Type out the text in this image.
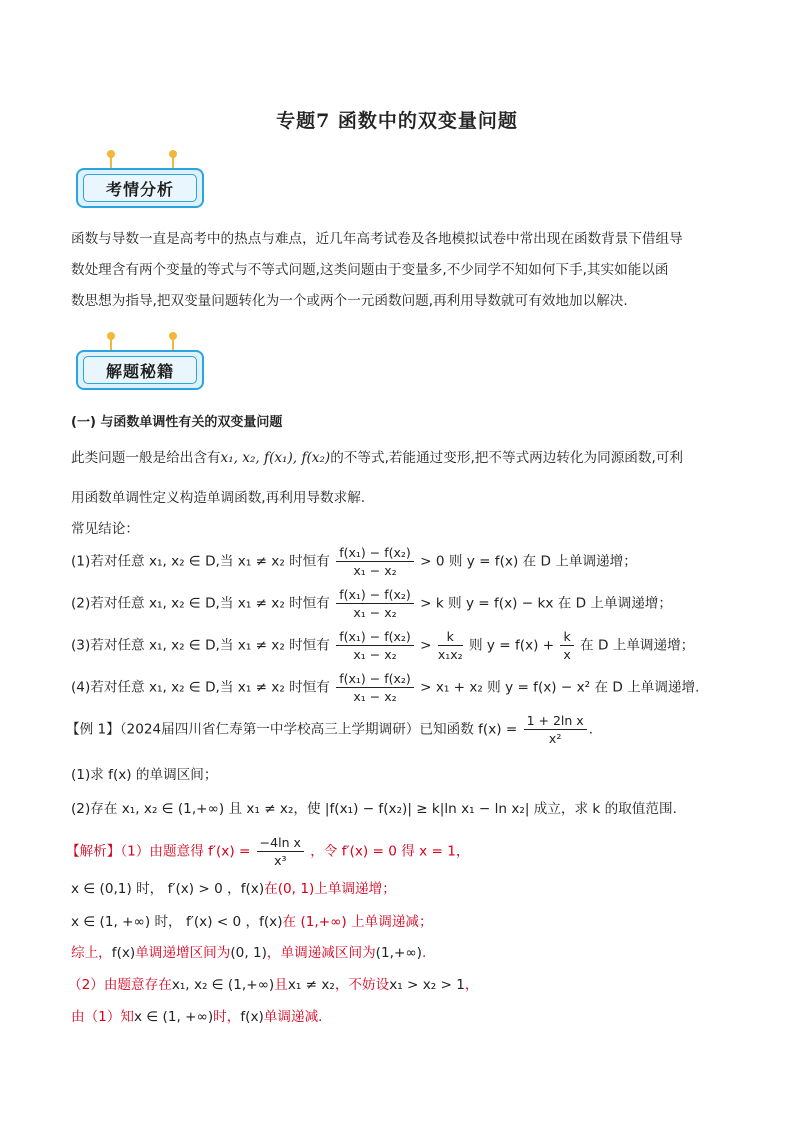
专题7 函数中的双变量问题
考情分析
函数与导数一直是高考中的热点与难点，近几年高考试卷及各地模拟试卷中常出现在函数背景下借组导
数处理含有两个变量的等式与不等式问题,这类问题由于变量多,不少同学不知如何下手,其实如能以函
数思想为指导,把双变量问题转化为一个或两个一元函数问题,再利用导数就可有效地加以解决.
解题秘籍
(一) 与函数单调性有关的双变量问题
此类问题一般是给出含有x₁, x₂, f(x₁), f(x₂)的不等式,若能通过变形,把不等式两边转化为同源函数,可利
用函数单调性定义构造单调函数,再利用导数求解.
常见结论：
(1)若对任意 x₁, x₂ ∈ D,当 x₁ ≠ x₂ 时恒有 $\frac{\text{f(x₁) − f(x₂)}}{\text{x₁ − x₂}} > 0$ 则 y = f(x) 在 D 上单调递增；
(2)若对任意 x₁, x₂ ∈ D,当 x₁ ≠ x₂ 时恒有 $\frac{\text{f(x₁) − f(x₂)}}{\text{x₁ − x₂}} > k$ 则 y = f(x) − kx 在 D 上单调递增；
(3)若对任意 x₁, x₂ ∈ D,当 x₁ ≠ x₂ 时恒有 $\frac{\text{f(x₁) − f(x₂)}}{\text{x₁ − x₂}} > \frac{k}{\text{x₁x₂}}$ 则 $y = f(x) + \frac{k}{x}$ 在 D 上单调递增；
(4)若对任意 x₁, x₂ ∈ D,当 x₁ ≠ x₂ 时恒有 $\frac{\text{f(x₁) − f(x₂)}}{\text{x₁ − x₂}} > x_1 + x_2$ 则 y = f(x) − x² 在 D 上单调递增.
【例 1】（2024届四川省仁寿第一中学校高三上学期调研）已知函数 $f(x) = \frac{\text{1 + 2ln x}}{\text{x²}}$ .
(1)求 f(x) 的单调区间；
(2)存在 x₁, x₂ ∈ (1,+∞) 且 x₁ ≠ x₂，使 |f(x₁) − f(x₂)| ≥ k|ln x₁ − ln x₂| 成立，求 k 的取值范围.
【解析】（1）由题意得 $f'(x) = \frac{\text{−4ln x}}{\text{x³}}$ ，令 f′(x) = 0 得 x = 1，
x ∈ (0,1) 时， f′(x) > 0 ，f(x)在(0, 1)上单调递增；
x ∈ (1, +∞) 时， f′(x) < 0 ，f(x)在 (1,+∞) 上单调递减；
综上，f(x)单调递增区间为(0, 1)，单调递减区间为(1,+∞).
（2）由题意存在x₁, x₂ ∈ (1,+∞)且x₁ ≠ x₂，不妨设x₁ > x₂ > 1，
由（1）知x ∈ (1, +∞)时，f(x)单调递减.
